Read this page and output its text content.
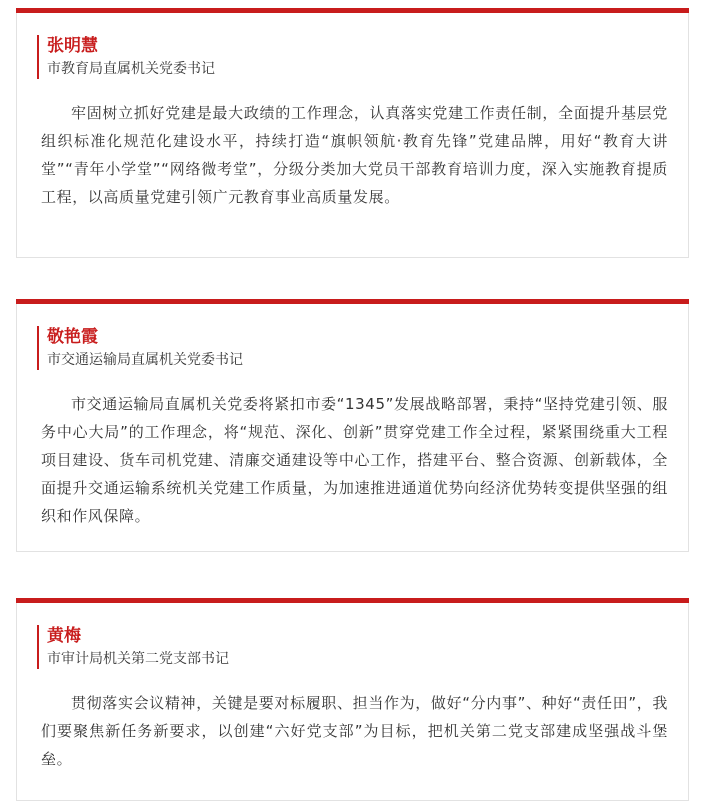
张明慧
市教育局直属机关党委书记
牢固树立抓好党建是最大政绩的工作理念，认真落实党建工作责任制，全面提升基层党组织标准化规范化建设水平，持续打造“旗帜领航·教育先锋”党建品牌，用好“教育大讲堂”“青年小学堂”“网络微考堂”，分级分类加大党员干部教育培训力度，深入实施教育提质工程，以高质量党建引领广元教育事业高质量发展。
敬艳霞
市交通运输局直属机关党委书记
市交通运输局直属机关党委将紧扣市委“1345”发展战略部署，秉持“坚持党建引领、服务中心大局”的工作理念，将“规范、深化、创新”贯穿党建工作全过程，紧紧围绕重大工程项目建设、货车司机党建、清廉交通建设等中心工作，搭建平台、整合资源、创新载体，全面提升交通运输系统机关党建工作质量，为加速推进通道优势向经济优势转变提供坚强的组织和作风保障。
黄梅
市审计局机关第二党支部书记
贯彻落实会议精神，关键是要对标履职、担当作为，做好“分内事”、种好“责任田”，我们要聚焦新任务新要求，以创建“六好党支部”为目标，把机关第二党支部建成坚强战斗堡垒。
